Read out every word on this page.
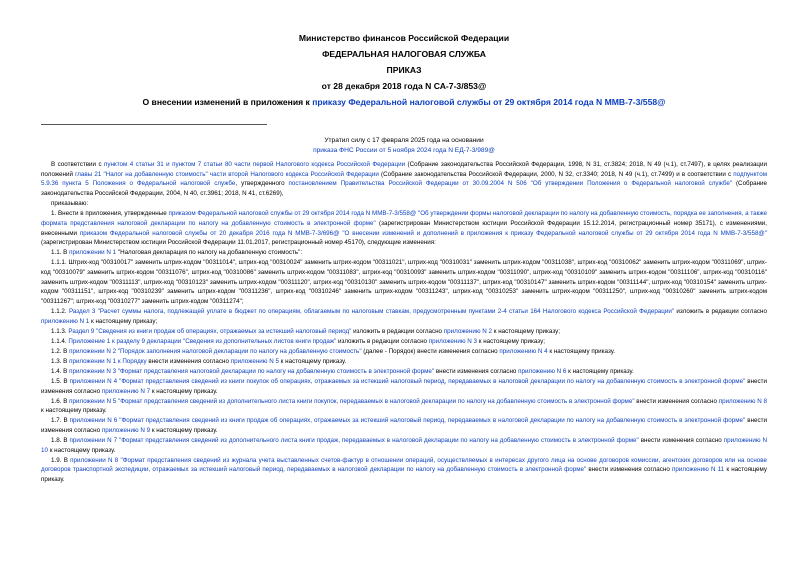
Министерство финансов Российской Федерации
ФЕДЕРАЛЬНАЯ НАЛОГОВАЯ СЛУЖБА
ПРИКАЗ
от 28 декабря 2018 года N СА-7-3/853@
О внесении изменений в приложения к приказу Федеральной налоговой службы от 29 октября 2014 года N ММВ-7-3/558@
Утратил силу с 17 февраля 2025 года на основании
приказа ФНС России от 5 ноября 2024 года N ЕД-7-3/989@

В соответствии с пунктом 4 статьи 31 и пунктом 7 статьи 80 части первой Налогового кодекса Российской Федерации (Собрание законодательства Российской Федерации, 1998, N 31, ст.3824; 2018, N 49 (ч.1), ст.7497), в целях реализации положений главы 21 "Налог на добавленную стоимость" части второй Налогового кодекса Российской Федерации (Собрание законодательства Российской Федерации, 2000, N 32, ст.3340; 2018, N 49 (ч.1), ст.7499) и в соответствии с подпунктом 5.9.36 пункта 5 Положения о Федеральной налоговой службе, утвержденного постановлением Правительства Российской Федерации от 30.09.2004 N 506 "Об утверждении Положения о Федеральной налоговой службе" (Собрание законодательства Российской Федерации, 2004, N 40, ст.3961; 2018, N 41, ст.6269),

приказываю:

1. Внести в приложения, утвержденные приказом Федеральной налоговой службы от 29 октября 2014 года N ММВ-7-3/558@ "Об утверждении формы налоговой декларации по налогу на добавленную стоимость, порядка ее заполнения, а также формата представления налоговой декларации по налогу на добавленную стоимость в электронной форме" (зарегистрирован Министерством юстиции Российской Федерации 15.12.2014, регистрационный номер 35171), с изменениями, внесенными приказом Федеральной налоговой службы от 20 декабря 2016 года N ММВ-7-3/696@ "О внесении изменений и дополнений в приложения к приказу Федеральной налоговой службы от 29 октября 2014 года N ММВ-7-3/558@" (зарегистрирован Министерством юстиции Российской Федерации 11.01.2017, регистрационный номер 45170), следующие изменения:

1.1. В приложении N 1 "Налоговая декларация по налогу на добавленную стоимость":

1.1.1. Штрих-код "00310017" заменить штрих-кодом "00311014", штрих-код "00310024" заменить штрих-кодом "00311021", штрих-код "00310031" заменить штрих-кодом "00311038", штрих-код "00310062" заменить штрих-кодом "00311069", штрих-код "00310079" заменить штрих-кодом "00311076", штрих-код "00310086" заменить штрих-кодом "00311083", штрих-код "00310093" заменить штрих-кодом "00311090", штрих-код "00310109" заменить штрих-кодом "00311106", штрих-код "00310116" заменить штрих-кодом "00311113", штрих-код "00310123" заменить штрих-кодом "00311120", штрих-код "00310130" заменить штрих-кодом "00311137", штрих-код "00310147" заменить штрих-кодом "00311144", штрих-код "00310154" заменить штрих-кодом "00311151", штрих-код "00310239" заменить штрих-кодом "00311236", штрих-код "00310246" заменить штрих-кодом "00311243", штрих-код "00310253" заменить штрих-кодом "00311250", штрих-код "00310260" заменить штрих-кодом "00311267"; штрих-код "00310277" заменить штрих-кодом "00311274";

1.1.2. Раздел 3 "Расчет суммы налога, подлежащей уплате в бюджет по операциям, облагаемым по налоговым ставкам, предусмотренным пунктами 2-4 статьи 164 Налогового кодекса Российской Федерации" изложить в редакции согласно приложению N 1 к настоящему приказу;

1.1.3. Раздел 9 "Сведения из книги продаж об операциях, отражаемых за истекший налоговый период" изложить в редакции согласно приложению N 2 к настоящему приказу;

1.1.4. Приложение 1 к разделу 9 декларации "Сведения из дополнительных листов книги продаж" изложить в редакции согласно приложению N 3 к настоящему приказу;

1.2. В приложении N 2 "Порядок заполнения налоговой декларации по налогу на добавленную стоимость" (далее - Порядок) внести изменения согласно приложению N 4 к настоящему приказу.

1.3. В приложении N 1 к Порядку внести изменения согласно приложению N 5 к настоящему приказу.

1.4. В приложении N 3 "Формат представления налоговой декларации по налогу на добавленную стоимость в электронной форме" внести изменения согласно приложению N 6 к настоящему приказу.

1.5. В приложении N 4 "Формат представления сведений из книги покупок об операциях, отражаемых за истекший налоговый период, передаваемых в налоговой декларации по налогу на добавленную стоимость в электронной форме" внести изменения согласно приложению N 7 к настоящему приказу.

1.6. В приложении N 5 "Формат представления сведений из дополнительного листа книги покупок, передаваемых в налоговой декларации по налогу на добавленную стоимость в электронной форме" внести изменения согласно приложению N 8 к настоящему приказу.

1.7. В приложении N 6 "Формат представления сведений из книги продаж об операциях, отражаемых за истекший налоговый период, передаваемых в налоговой декларации по налогу на добавленную стоимость в электронной форме" внести изменения согласно приложению N 9 к настоящему приказу.

1.8. В приложении N 7 "Формат представления сведений из дополнительного листа книги продаж, передаваемых в налоговой декларации по налогу на добавленную стоимость в электронной форме" внести изменения согласно приложению N 10 к настоящему приказу.

1.9. В приложении N 8 "Формат представления сведений из журнала учета выставленных счетов-фактур в отношении операций, осуществляемых в интересах другого лица на основе договоров комиссии, агентских договоров или на основе договоров транспортной экспедиции, отражаемых за истекший налоговый период, передаваемых в налоговой декларации по налогу на добавленную стоимость в электронной форме" внести изменения согласно приложению N 11 к настоящему приказу.
